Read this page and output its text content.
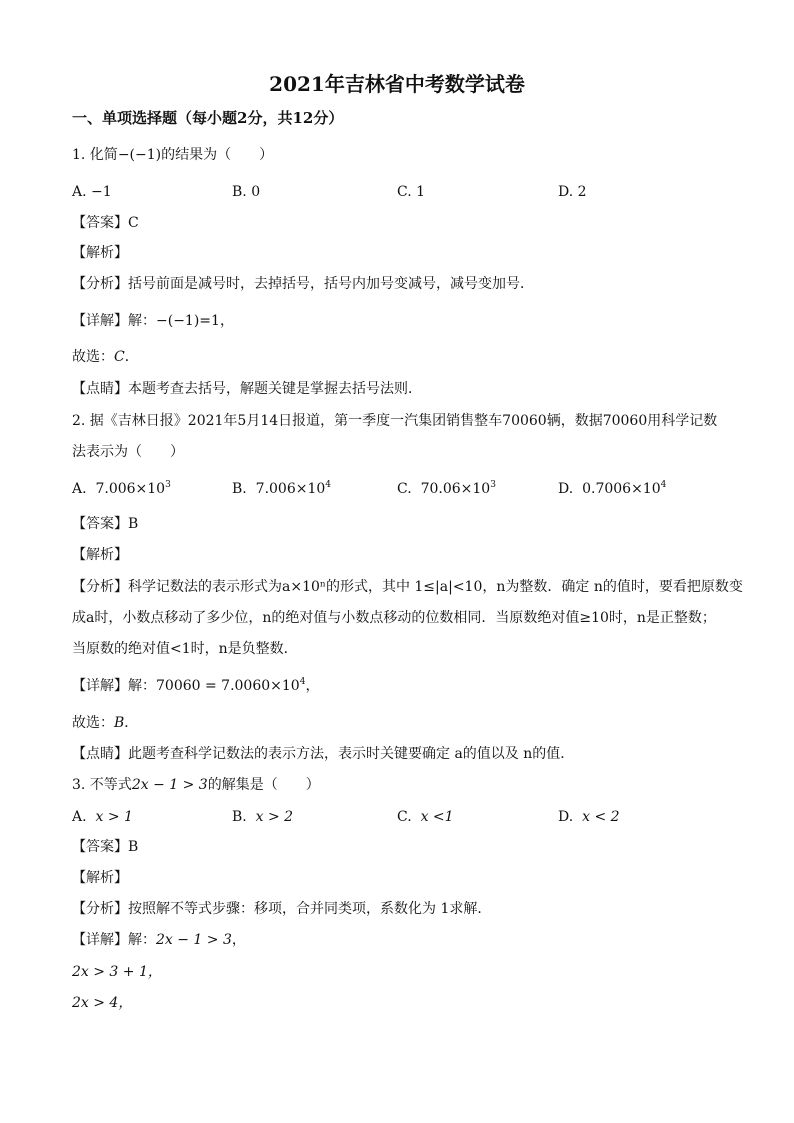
2021年吉林省中考数学试卷
一、单项选择题（每小题2分，共12分）
1. 化简−(−1)的结果为（　　）
A. −1	B. 0	C. 1	D. 2
【答案】C
【解析】
【分析】括号前面是减号时，去掉括号，括号内加号变减号，减号变加号．
【详解】解：−(−1)=1，
故选：C．
【点睛】本题考查去括号，解题关键是掌握去括号法则．
2. 据《吉林日报》2021年5月14日报道，第一季度一汽集团销售整车70060辆，数据70060用科学记数
法表示为（　　）
A. $7.006\times 10^3$	B. $7.006\times 10^4$	C. $70.06\times 10^3$	D. $0.7006\times 10^4$
【答案】B
【解析】
【分析】科学记数法的表示形式为a×10ⁿ的形式，其中 1≤|a|<10，n为整数．确定 n的值时，要看把原数变
成a时，小数点移动了多少位，n的绝对值与小数点移动的位数相同．当原数绝对值≥10时，n是正整数；
当原数的绝对值<1时，n是负整数．
【详解】解：$70060 = 7.0060\times 10^4$，
故选：B．
【点睛】此题考查科学记数法的表示方法，表示时关键要确定 a的值以及 n的值．
3. 不等式2x − 1 > 3的解集是（　　）
A. x > 1	B. x > 2	C. x <1	D. x < 2
【答案】B
【解析】
【分析】按照解不等式步骤：移项，合并同类项，系数化为 1求解．
【详解】解：2x − 1 > 3，
2x > 3 + 1，
2x > 4，
